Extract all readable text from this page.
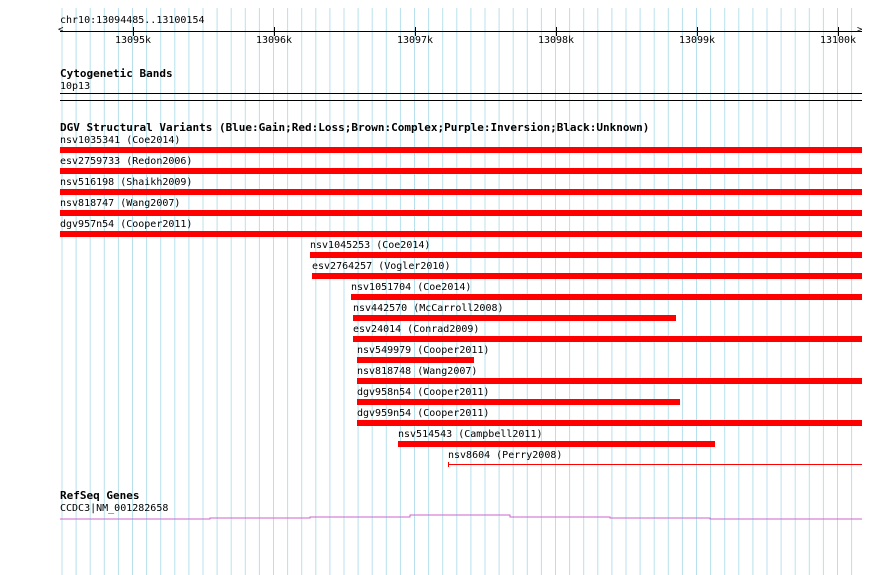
chr10:13094485..13100154
<	>
13095k	13096k	13097k	13098k	13099k	13100k
Cytogenetic Bands
10p13
DGV Structural Variants (Blue:Gain;Red:Loss;Brown:Complex;Purple:Inversion;Black:Unknown)
nsv1035341 (Coe2014)
esv2759733 (Redon2006)
nsv516198 (Shaikh2009)
nsv818747 (Wang2007)
dgv957n54 (Cooper2011)
nsv1045253 (Coe2014)
esv2764257 (Vogler2010)
nsv1051704 (Coe2014)
nsv442570 (McCarroll2008)
esv24014 (Conrad2009)
nsv549979 (Cooper2011)
nsv818748 (Wang2007)
dgv958n54 (Cooper2011)
dgv959n54 (Cooper2011)
nsv514543 (Campbell2011)
nsv8604 (Perry2008)
RefSeq Genes
CCDC3|NM_001282658
